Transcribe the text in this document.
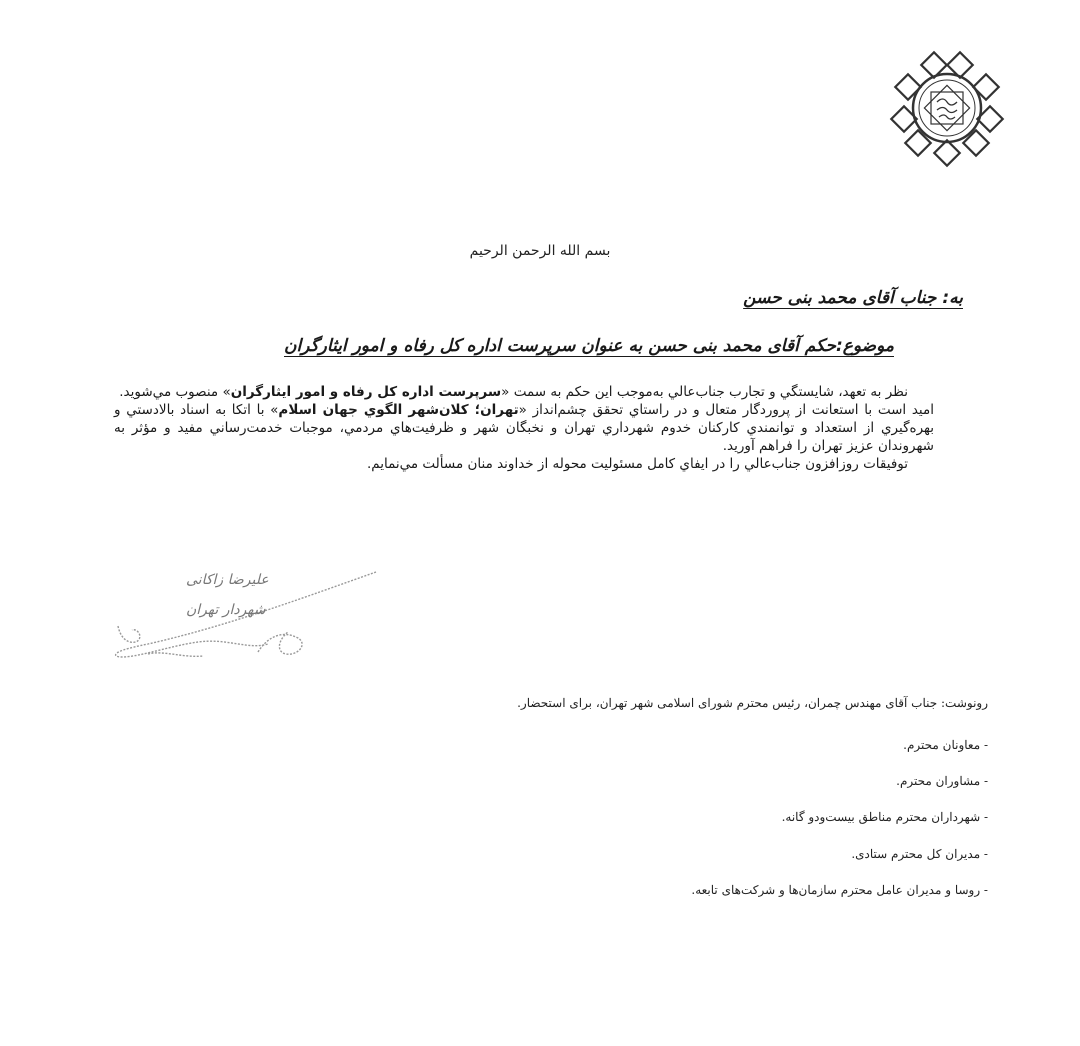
بسم الله الرحمن الرحيم
به: جناب آقای محمد بنی حسن
موضوع:حکم آقای محمد بنی حسن به عنوان سرپرست اداره کل رفاه و امور ایثارگران

نظر به تعهد، شايستگي و تجارب جناب‌عالي به‌موجب اين حكم به سمت «سرپرست اداره كل رفاه و امور ايثارگران» منصوب مي‌شويد.

اميد است با استعانت از پروردگار متعال و در راستاي تحقق چشم‌انداز «تهران؛ کلان‌شهر الگوي جهان اسلام» با اتكا به اسناد بالادستي و بهره‌گيري از استعداد و توانمندي كاركنان خدوم شهرداري تهران و نخبگان شهر و ظرفيت‌هاي مردمي، موجبات خدمت‌رساني مفيد و مؤثر به شهروندان عزيز تهران را فراهم آوريد.

توفيقات روزافزون جناب‌عالي را در ايفاي كامل مسئوليت محوله از خداوند منان مسألت مي‌نمايم.

علیرضا زاکانی
شهردار تهران
رونوشت: جناب آقای مهندس چمران، رئیس محترم شورای اسلامی شهر تهران، برای استحضار.
- معاونان محترم.
- مشاوران محترم.
- شهرداران محترم مناطق بیست‌ودو گانه.
- مدیران کل محترم ستادی.
- روسا و مدیران عامل محترم سازمان‌ها و شرکت‌های تابعه.
